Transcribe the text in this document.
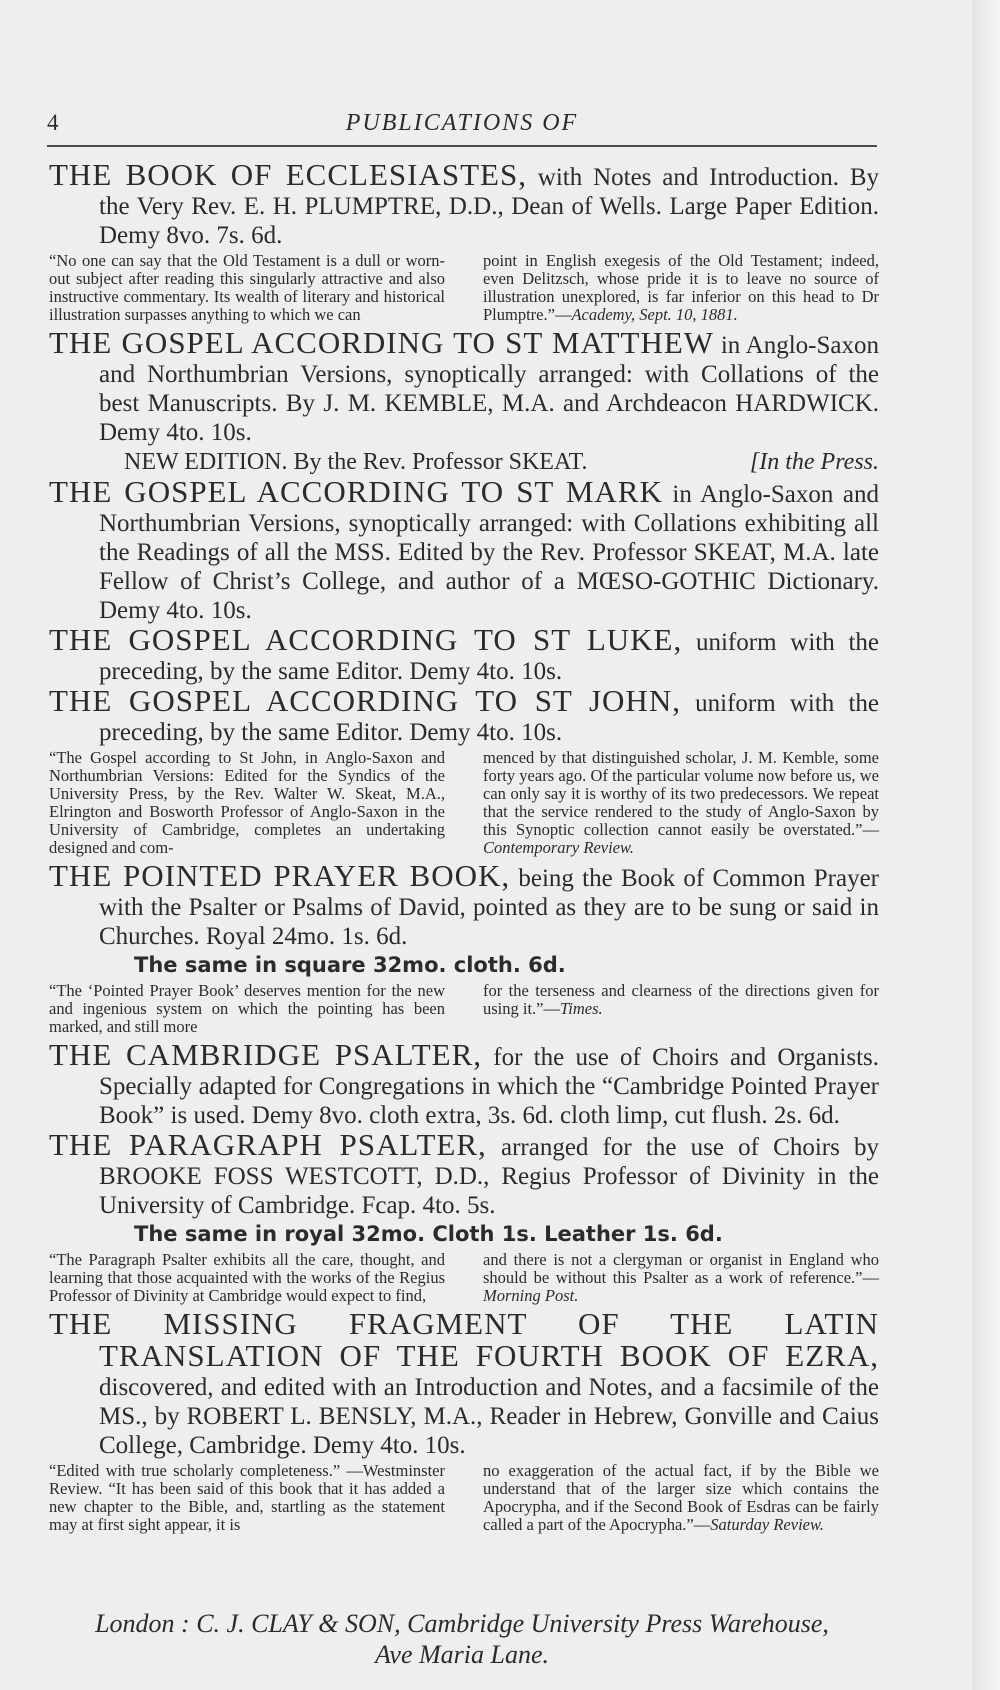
4	PUBLICATIONS OF

THE BOOK OF ECCLESIASTES, with Notes and Introduction. By the Very Rev. E. H. PLUMPTRE, D.D., Dean of Wells. Large Paper Edition. Demy 8vo. 7s. 6d.

“No one can say that the Old Testament is a dull or worn-out subject after reading this singularly attractive and also instructive commentary. Its wealth of literary and historical illustration surpasses anything to which we can

point in English exegesis of the Old Testament; indeed, even Delitzsch, whose pride it is to leave no source of illustration unexplored, is far inferior on this head to Dr Plumptre.”—Academy, Sept. 10, 1881.

THE GOSPEL ACCORDING TO ST MATTHEW in Anglo-Saxon and Northumbrian Versions, synoptically arranged: with Collations of the best Manuscripts. By J. M. KEMBLE, M.A. and Archdeacon HARDWICK. Demy 4to. 10s.

NEW EDITION. By the Rev. Professor SKEAT.	[In the Press.

THE GOSPEL ACCORDING TO ST MARK in Anglo-Saxon and Northumbrian Versions, synoptically arranged: with Collations exhibiting all the Readings of all the MSS. Edited by the Rev. Professor SKEAT, M.A. late Fellow of Christ’s College, and author of a MŒSO-GOTHIC Dictionary. Demy 4to. 10s.

THE GOSPEL ACCORDING TO ST LUKE, uniform with the preceding, by the same Editor. Demy 4to. 10s.

THE GOSPEL ACCORDING TO ST JOHN, uniform with the preceding, by the same Editor. Demy 4to. 10s.

“The Gospel according to St John, in Anglo-Saxon and Northumbrian Versions: Edited for the Syndics of the University Press, by the Rev. Walter W. Skeat, M.A., Elrington and Bosworth Professor of Anglo-Saxon in the University of Cambridge, completes an undertaking designed and com-

menced by that distinguished scholar, J. M. Kemble, some forty years ago. Of the particular volume now before us, we can only say it is worthy of its two predecessors. We repeat that the service rendered to the study of Anglo-Saxon by this Synoptic collection cannot easily be overstated.”—Contemporary Review.

THE POINTED PRAYER BOOK, being the Book of Common Prayer with the Psalter or Psalms of David, pointed as they are to be sung or said in Churches. Royal 24mo. 1s. 6d.

The same in square 32mo. cloth. 6d.

“The ‘Pointed Prayer Book’ deserves mention for the new and ingenious system on which the pointing has been marked, and still more

for the terseness and clearness of the directions given for using it.”—Times.

THE CAMBRIDGE PSALTER, for the use of Choirs and Organists. Specially adapted for Congregations in which the “Cambridge Pointed Prayer Book” is used. Demy 8vo. cloth extra, 3s. 6d. cloth limp, cut flush. 2s. 6d.

THE PARAGRAPH PSALTER, arranged for the use of Choirs by BROOKE FOSS WESTCOTT, D.D., Regius Professor of Divinity in the University of Cambridge. Fcap. 4to. 5s.

The same in royal 32mo. Cloth 1s. Leather 1s. 6d.

“The Paragraph Psalter exhibits all the care, thought, and learning that those acquainted with the works of the Regius Professor of Divinity at Cambridge would expect to find,

and there is not a clergyman or organist in England who should be without this Psalter as a work of reference.”—Morning Post.

THE MISSING FRAGMENT OF THE LATIN TRANSLATION OF THE FOURTH BOOK OF EZRA, discovered, and edited with an Introduction and Notes, and a facsimile of the MS., by ROBERT L. BENSLY, M.A., Reader in Hebrew, Gonville and Caius College, Cambridge. Demy 4to. 10s.

“Edited with true scholarly completeness.” —Westminster Review. “It has been said of this book that it has added a new chapter to the Bible, and, startling as the statement may at first sight appear, it is

no exaggeration of the actual fact, if by the Bible we understand that of the larger size which contains the Apocrypha, and if the Second Book of Esdras can be fairly called a part of the Apocrypha.”—Saturday Review.

London : C. J. CLAY & SON, Cambridge University Press Warehouse,
Ave Maria Lane.
